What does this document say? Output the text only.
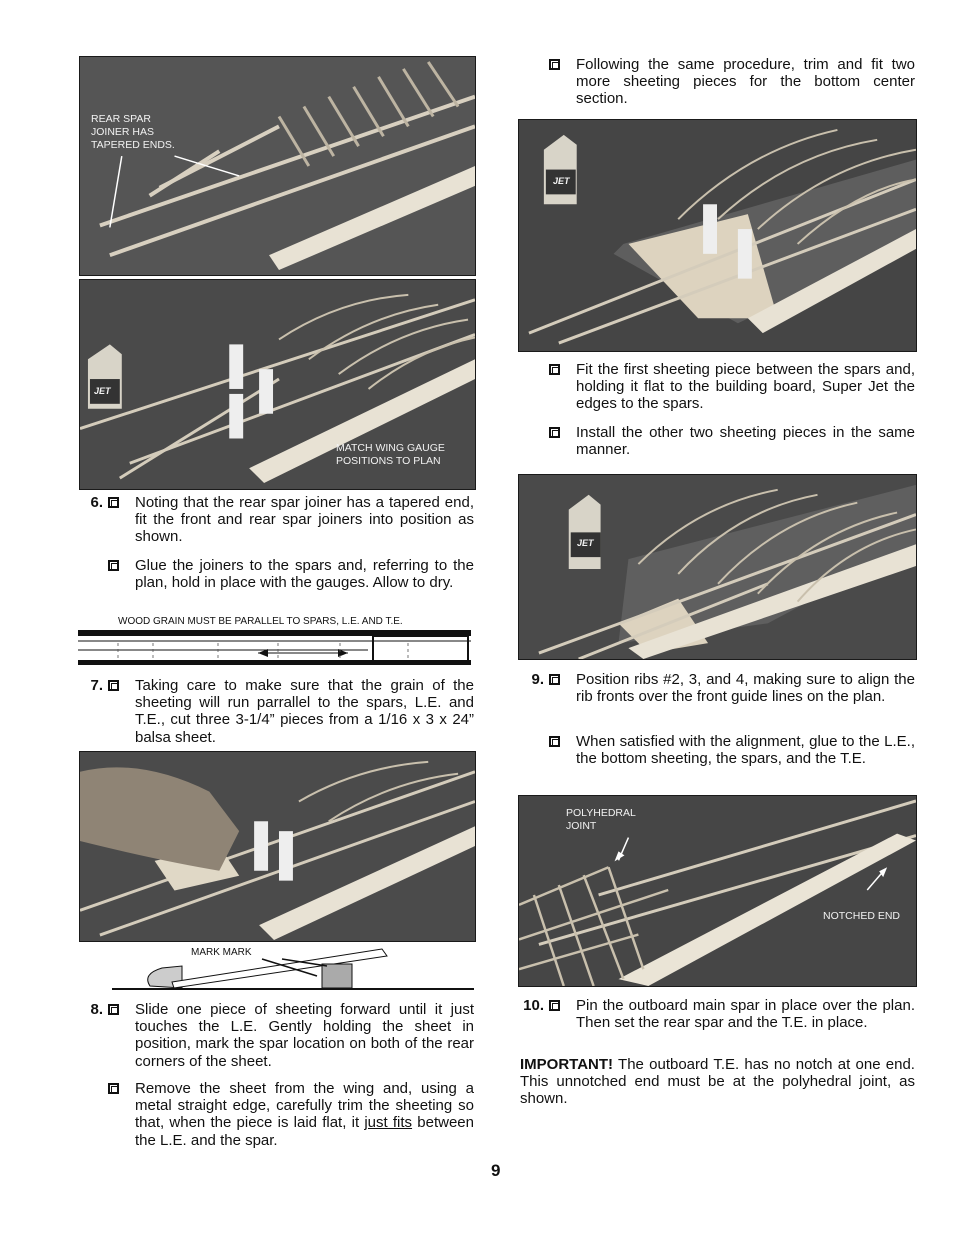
REAR SPAR JOINER HAS TAPERED ENDS.
JET
MATCH WING GAUGE POSITIONS TO PLAN
6. Noting that the rear spar joiner has a tapered end, fit the front and rear spar joiners into position as shown.
Glue the joiners to the spars and, referring to the plan, hold in place with the gauges. Allow to dry.
WOOD GRAIN MUST BE PARALLEL TO SPARS, L.E. AND T.E.
7. Taking care to make sure that the grain of the sheeting will run parrallel to the spars, L.E. and T.E., cut three 3-1/4” pieces from a 1/16 x 3 x 24” balsa sheet.
MARK MARK
8. Slide one piece of sheeting forward until it just touches the L.E. Gently holding the sheet in position, mark the spar location on both of the rear corners of the sheet.
Remove the sheet from the wing and, using a metal straight edge, carefully trim the sheeting so that, when the piece is laid flat, it just fits between the L.E. and the spar.
Following the same procedure, trim and fit two more sheeting pieces for the bottom center section.
JET
Fit the first sheeting piece between the spars and, holding it flat to the building board, Super Jet the edges to the spars.
Install the other two sheeting pieces in the same manner.
JET
9. Position ribs #2, 3, and 4, making sure to align the rib fronts over the front guide lines on the plan.
When satisfied with the alignment, glue to the L.E., the bottom sheeting, the spars, and the T.E.
POLYHEDRAL JOINT
NOTCHED END
10. Pin the outboard main spar in place over the plan. Then set the rear spar and the T.E. in place.
IMPORTANT! The outboard T.E. has no notch at one end. This unnotched end must be at the polyhedral joint, as shown.
9
